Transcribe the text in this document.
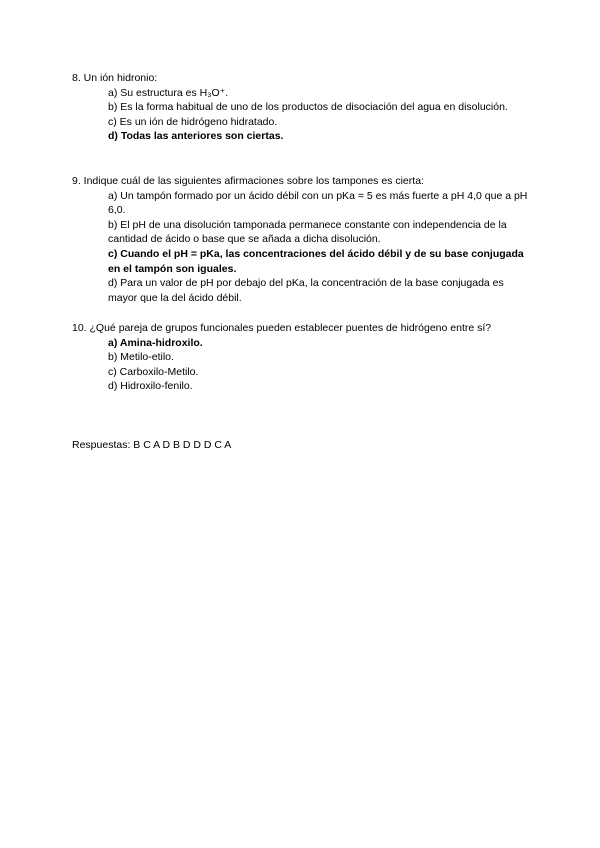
8. Un ión hidronio:

a) Su estructura es H₃O⁺.

b) Es la forma habitual de uno de los productos de disociación del agua en disolución.

c) Es un ión de hidrógeno hidratado.

d) Todas las anteriores son ciertas.

9. Indique cuál de las siguientes afirmaciones sobre los tampones es cierta:

a) Un tampón formado por un ácido débil con un pKa = 5 es más fuerte a pH 4,0 que a pH 6,0.

b) El pH de una disolución tamponada permanece constante con independencia de la cantidad de ácido o base que se añada a dicha disolución.

c) Cuando el pH = pKa, las concentraciones del ácido débil y de su base conjugada en el tampón son iguales.

d) Para un valor de pH por debajo del pKa, la concentración de la base conjugada es mayor que la del ácido débil.

10. ¿Qué pareja de grupos funcionales pueden establecer puentes de hidrógeno entre sí?

a) Amina-hidroxilo.

b) Metilo-etilo.

c) Carboxilo-Metilo.

d) Hidroxilo-fenilo.

Respuestas: B C A D B D D D C A
